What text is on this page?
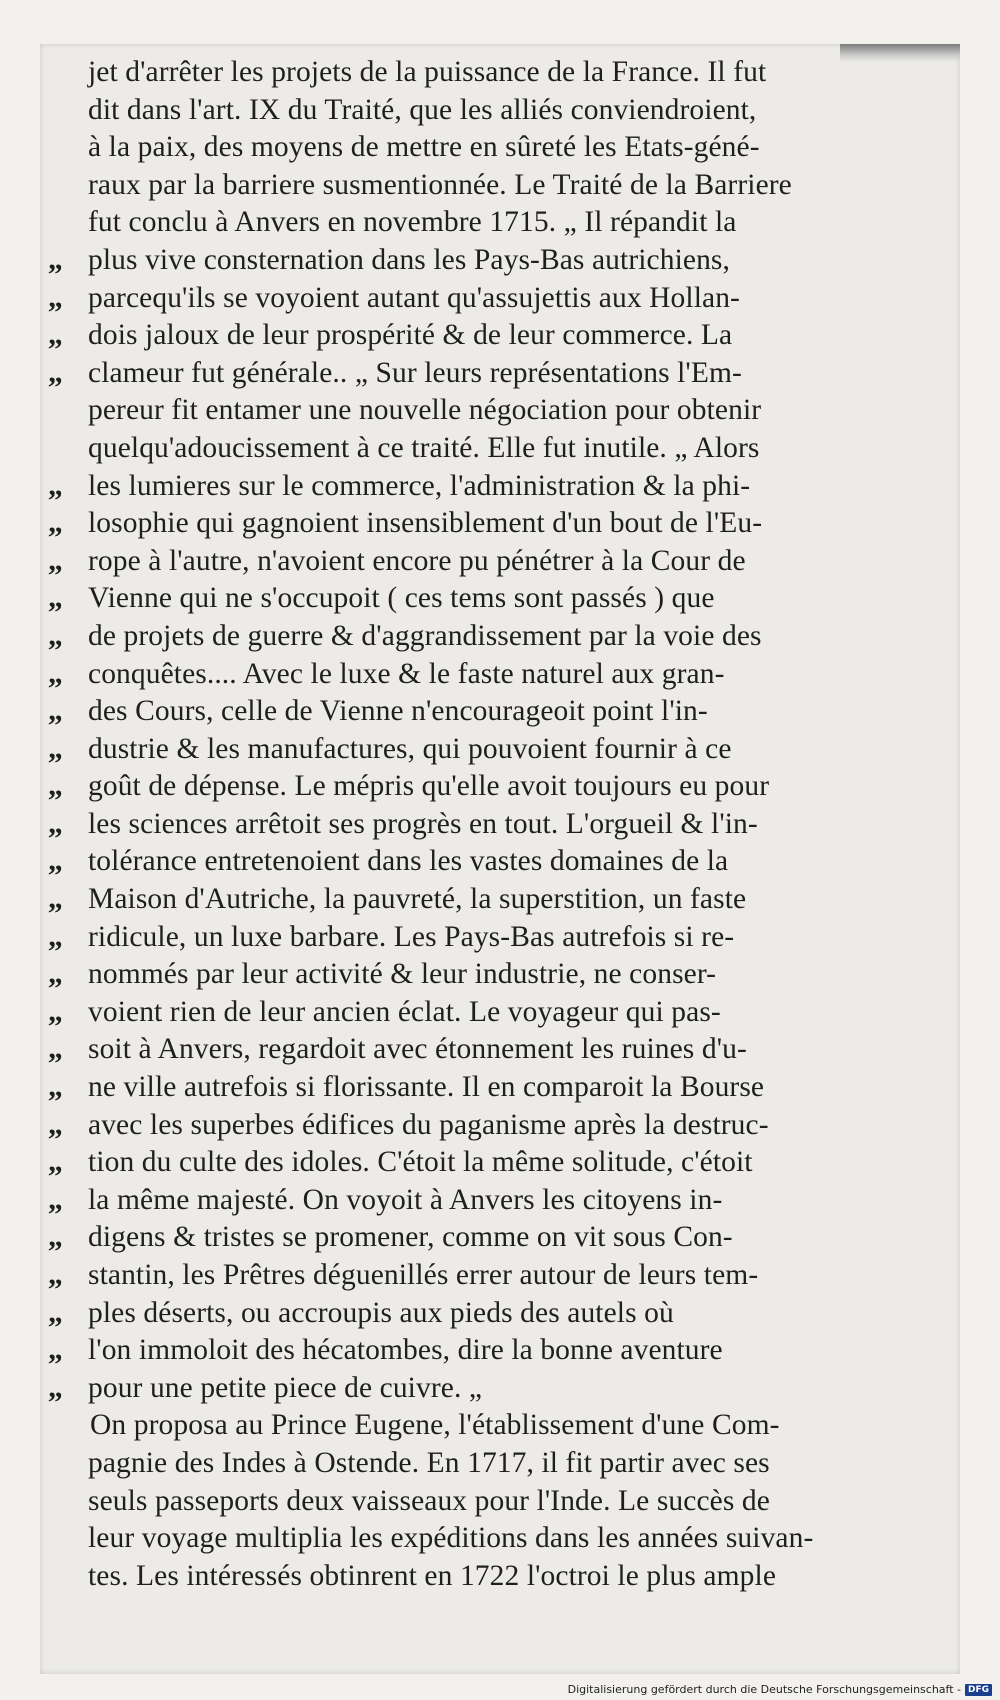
jet d'arrêter les projets de la puissance de la France. Il fut
dit dans l'art. IX du Traité, que les alliés conviendroient,
à la paix, des moyens de mettre en sûreté les Etats-géné-
raux par la barriere susmentionnée. Le Traité de la Barriere
fut conclu à Anvers en novembre 1715. „ Il répandit la
„ plus vive consternation dans les Pays-Bas autrichiens,
„ parcequ'ils se voyoient autant qu'assujettis aux Hollan-
„ dois jaloux de leur prospérité & de leur commerce. La
„ clameur fut générale.. „ Sur leurs représentations l'Em-
pereur fit entamer une nouvelle négociation pour obtenir
quelqu'adoucissement à ce traité. Elle fut inutile. „ Alors
„ les lumieres sur le commerce, l'administration & la phi-
„ losophie qui gagnoient insensiblement d'un bout de l'Eu-
„ rope à l'autre, n'avoient encore pu pénétrer à la Cour de
„ Vienne qui ne s'occupoit ( ces tems sont passés ) que
„ de projets de guerre & d'aggrandissement par la voie des
„ conquêtes.... Avec le luxe & le faste naturel aux gran-
„ des Cours, celle de Vienne n'encourageoit point l'in-
„ dustrie & les manufactures, qui pouvoient fournir à ce
„ goût de dépense. Le mépris qu'elle avoit toujours eu pour
„ les sciences arrêtoit ses progrès en tout. L'orgueil & l'in-
„ tolérance entretenoient dans les vastes domaines de la
„ Maison d'Autriche, la pauvreté, la superstition, un faste
„ ridicule, un luxe barbare. Les Pays-Bas autrefois si re-
„ nommés par leur activité & leur industrie, ne conser-
„ voient rien de leur ancien éclat. Le voyageur qui pas-
„ soit à Anvers, regardoit avec étonnement les ruines d'u-
„ ne ville autrefois si florissante. Il en comparoit la Bourse
„ avec les superbes édifices du paganisme après la destruc-
„ tion du culte des idoles. C'étoit la même solitude, c'étoit
„ la même majesté. On voyoit à Anvers les citoyens in-
„ digens & tristes se promener, comme on vit sous Con-
„ stantin, les Prêtres déguenillés errer autour de leurs tem-
„ ples déserts, ou accroupis aux pieds des autels où
„ l'on immoloit des hécatombes, dire la bonne aventure
„ pour une petite piece de cuivre. „
On proposa au Prince Eugene, l'établissement d'une Com-
pagnie des Indes à Ostende. En 1717, il fit partir avec ses
seuls passeports deux vaisseaux pour l'Inde. Le succès de
leur voyage multiplia les expéditions dans les années suivan-
tes. Les intéressés obtinrent en 1722 l'octroi le plus ample
Digitalisierung gefördert durch die Deutsche Forschungsgemeinschaft - DFG
